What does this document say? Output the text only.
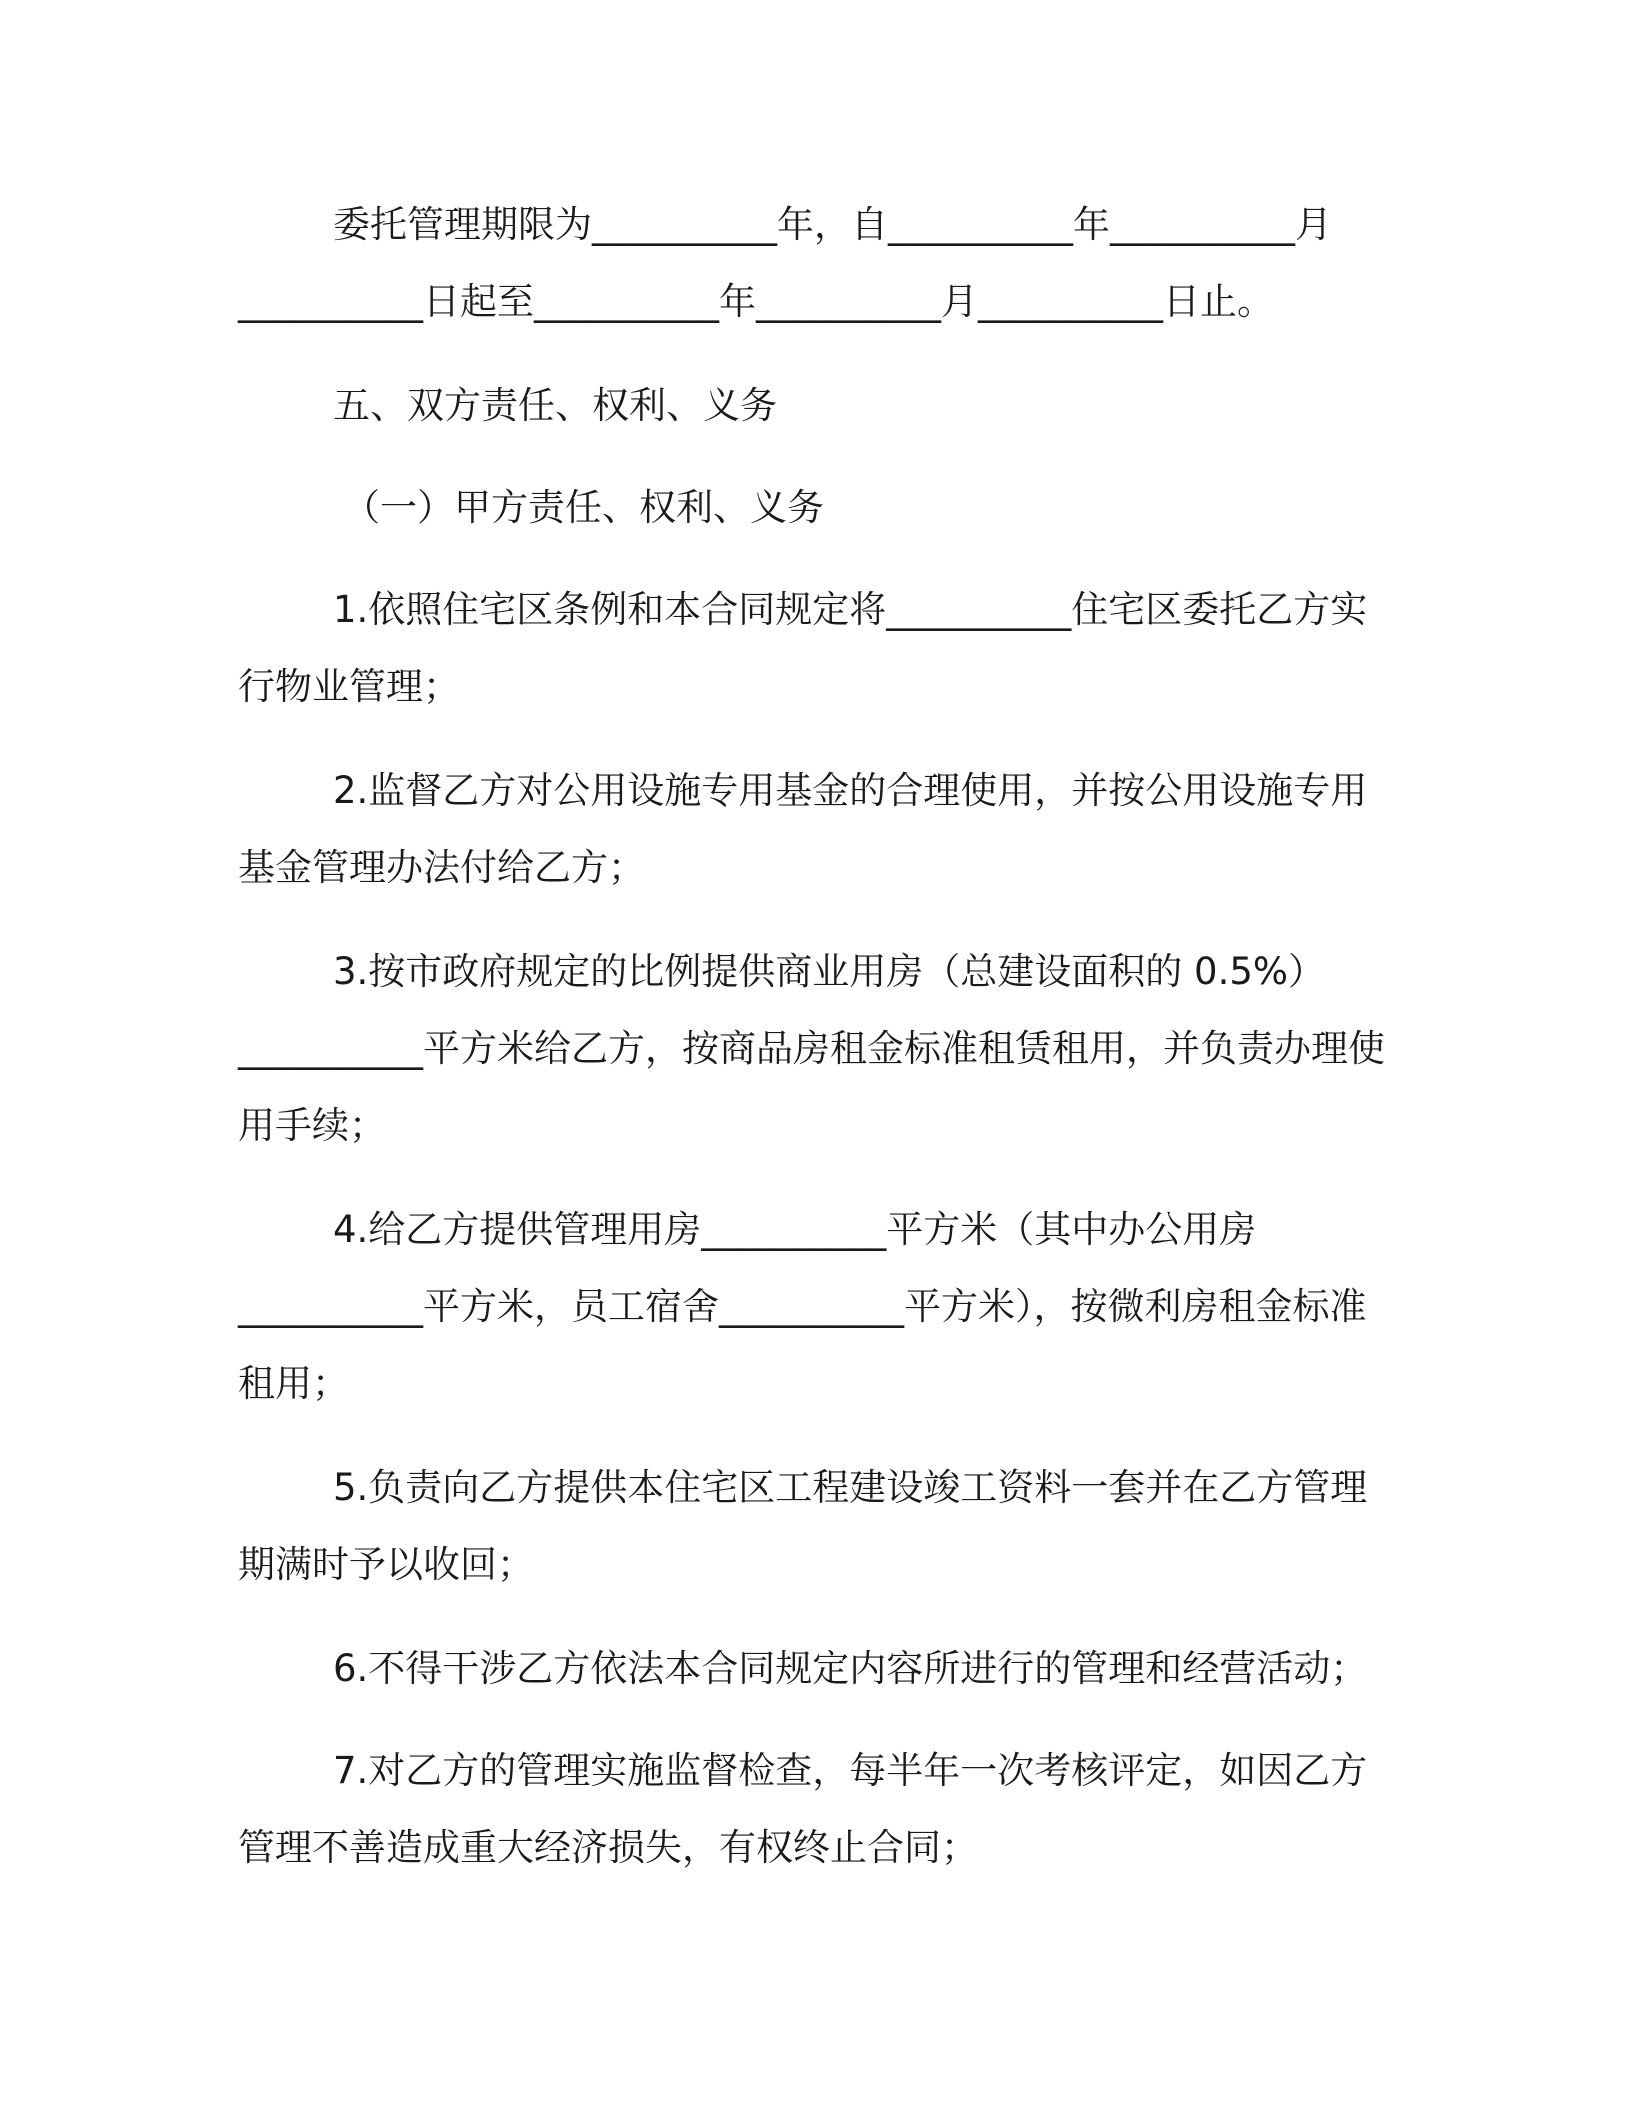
委托管理期限为__________年，自__________年__________月__________日起至__________年__________月__________日止。

五、双方责任、权利、义务

（一）甲方责任、权利、义务

1.依照住宅区条例和本合同规定将__________住宅区委托乙方实行物业管理；

2.监督乙方对公用设施专用基金的合理使用，并按公用设施专用基金管理办法付给乙方；

3.按市政府规定的比例提供商业用房（总建设面积的 0.5%）__________平方米给乙方，按商品房租金标准租赁租用，并负责办理使用手续；

4.给乙方提供管理用房__________平方米（其中办公用房__________平方米，员工宿舍__________平方米），按微利房租金标准租用；

5.负责向乙方提供本住宅区工程建设竣工资料一套并在乙方管理期满时予以收回；

6.不得干涉乙方依法本合同规定内容所进行的管理和经营活动；

7.对乙方的管理实施监督检查，每半年一次考核评定，如因乙方管理不善造成重大经济损失，有权终止合同；
